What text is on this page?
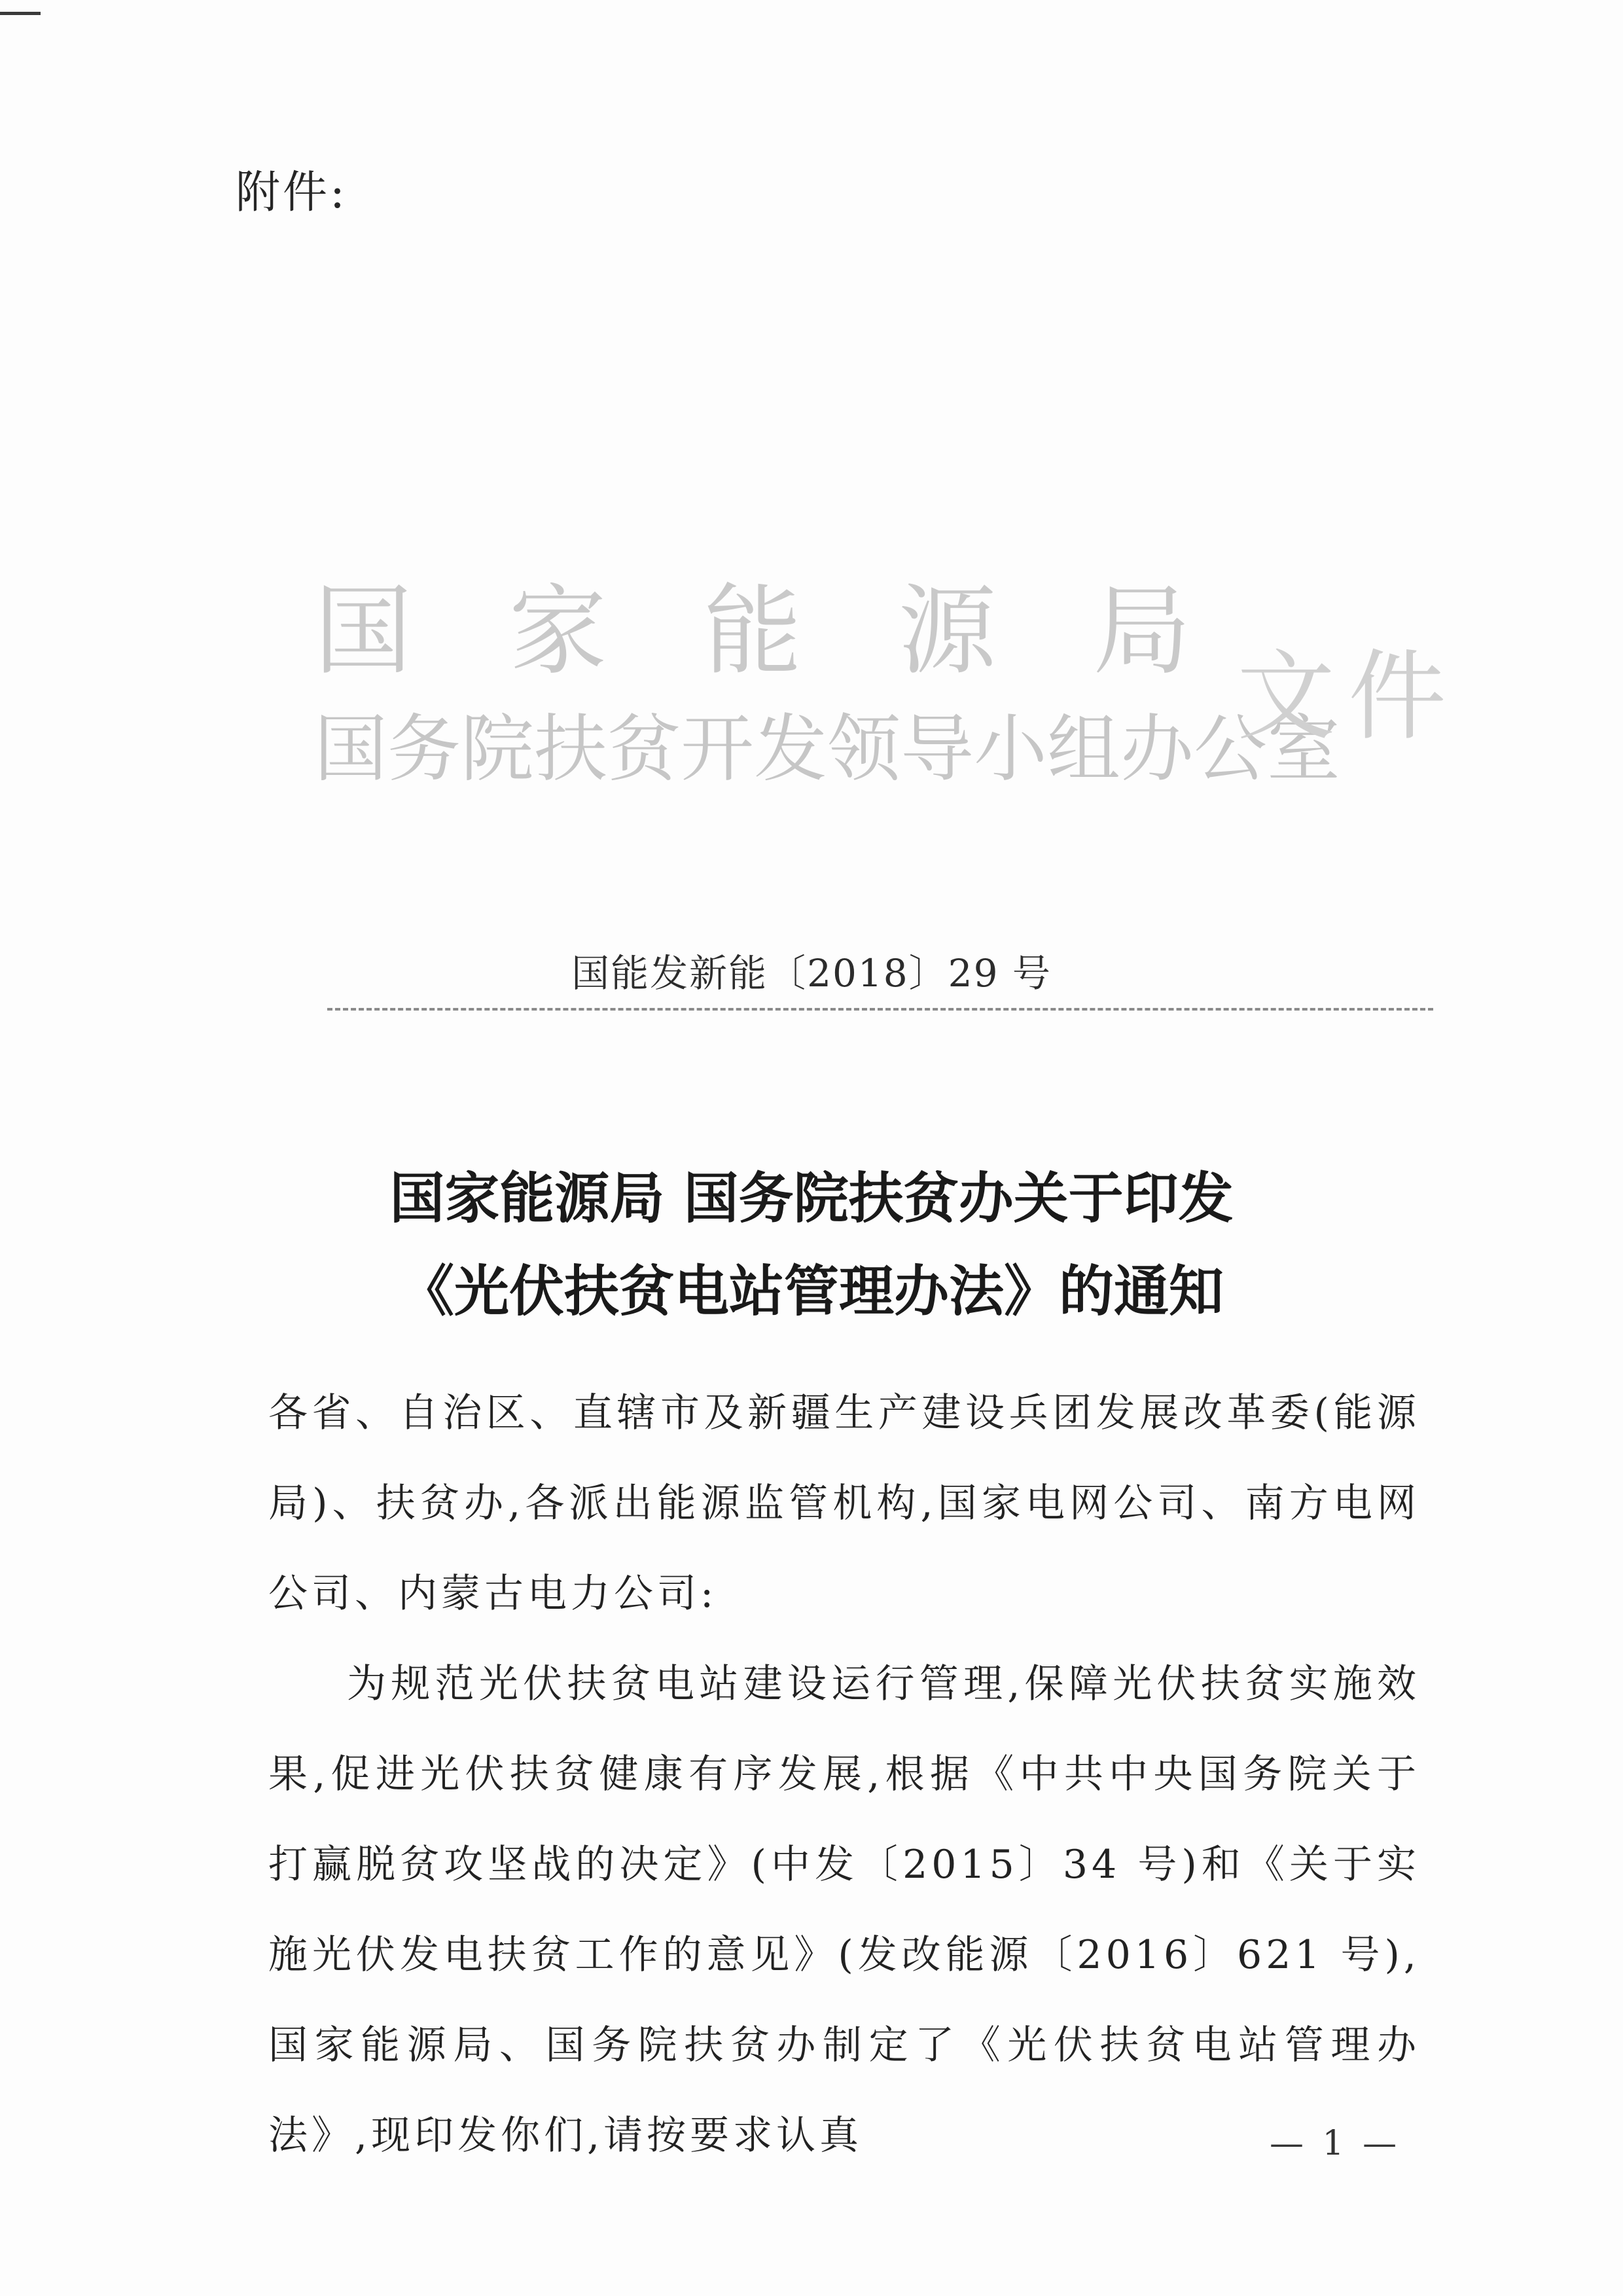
附件:
国 家 能 源 局
国务院扶贫开发领导小组办公室
文件
国能发新能〔2018〕29 号
国家能源局 国务院扶贫办关于印发
《光伏扶贫电站管理办法》的通知

各省、自治区、直辖市及新疆生产建设兵团发展改革委(能源局)、扶贫办,各派出能源监管机构,国家电网公司、南方电网公司、内蒙古电力公司:

为规范光伏扶贫电站建设运行管理,保障光伏扶贫实施效果,促进光伏扶贫健康有序发展,根据《中共中央国务院关于打赢脱贫攻坚战的决定》(中发〔2015〕34 号)和《关于实施光伏发电扶贫工作的意见》(发改能源〔2016〕621 号),国家能源局、国务院扶贫办制定了《光伏扶贫电站管理办法》,现印发你们,请按要求认真	— 1 —
